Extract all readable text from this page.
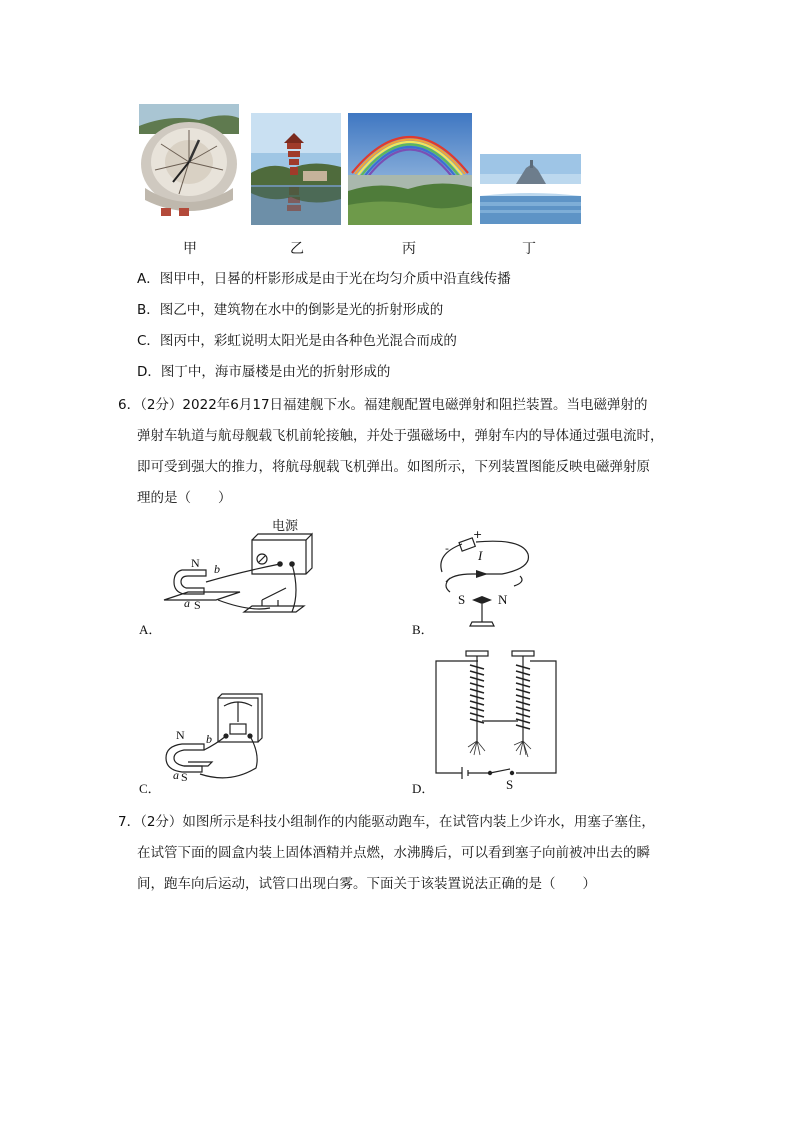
甲	乙	丙	丁
A．图甲中，日晷的杆影形成是由于光在均匀介质中沿直线传播
B．图乙中，建筑物在水中的倒影是光的折射形成的
C．图丙中，彩虹说明太阳光是由各种色光混合而成的
D．图丁中，海市蜃楼是由光的折射形成的
6．（2分）2022年6月17日福建舰下水。福建舰配置电磁弹射和阻拦装置。当电磁弹射的
弹射车轨道与航母舰载飞机前轮接触，并处于强磁场中，弹射车内的导体通过强电流时，
即可受到强大的推力，将航母舰载飞机弹出。如图所示，下列装置图能反映电磁弹射原
理的是（　　）
电源
N b
a S
A．
-
+
I
S	N
B．
N b
a S
C．	S
D．
7．（2分）如图所示是科技小组制作的内能驱动跑车，在试管内装上少许水，用塞子塞住，
在试管下面的圆盒内装上固体酒精并点燃，水沸腾后，可以看到塞子向前被冲出去的瞬
间，跑车向后运动，试管口出现白雾。下面关于该装置说法正确的是（　　）
